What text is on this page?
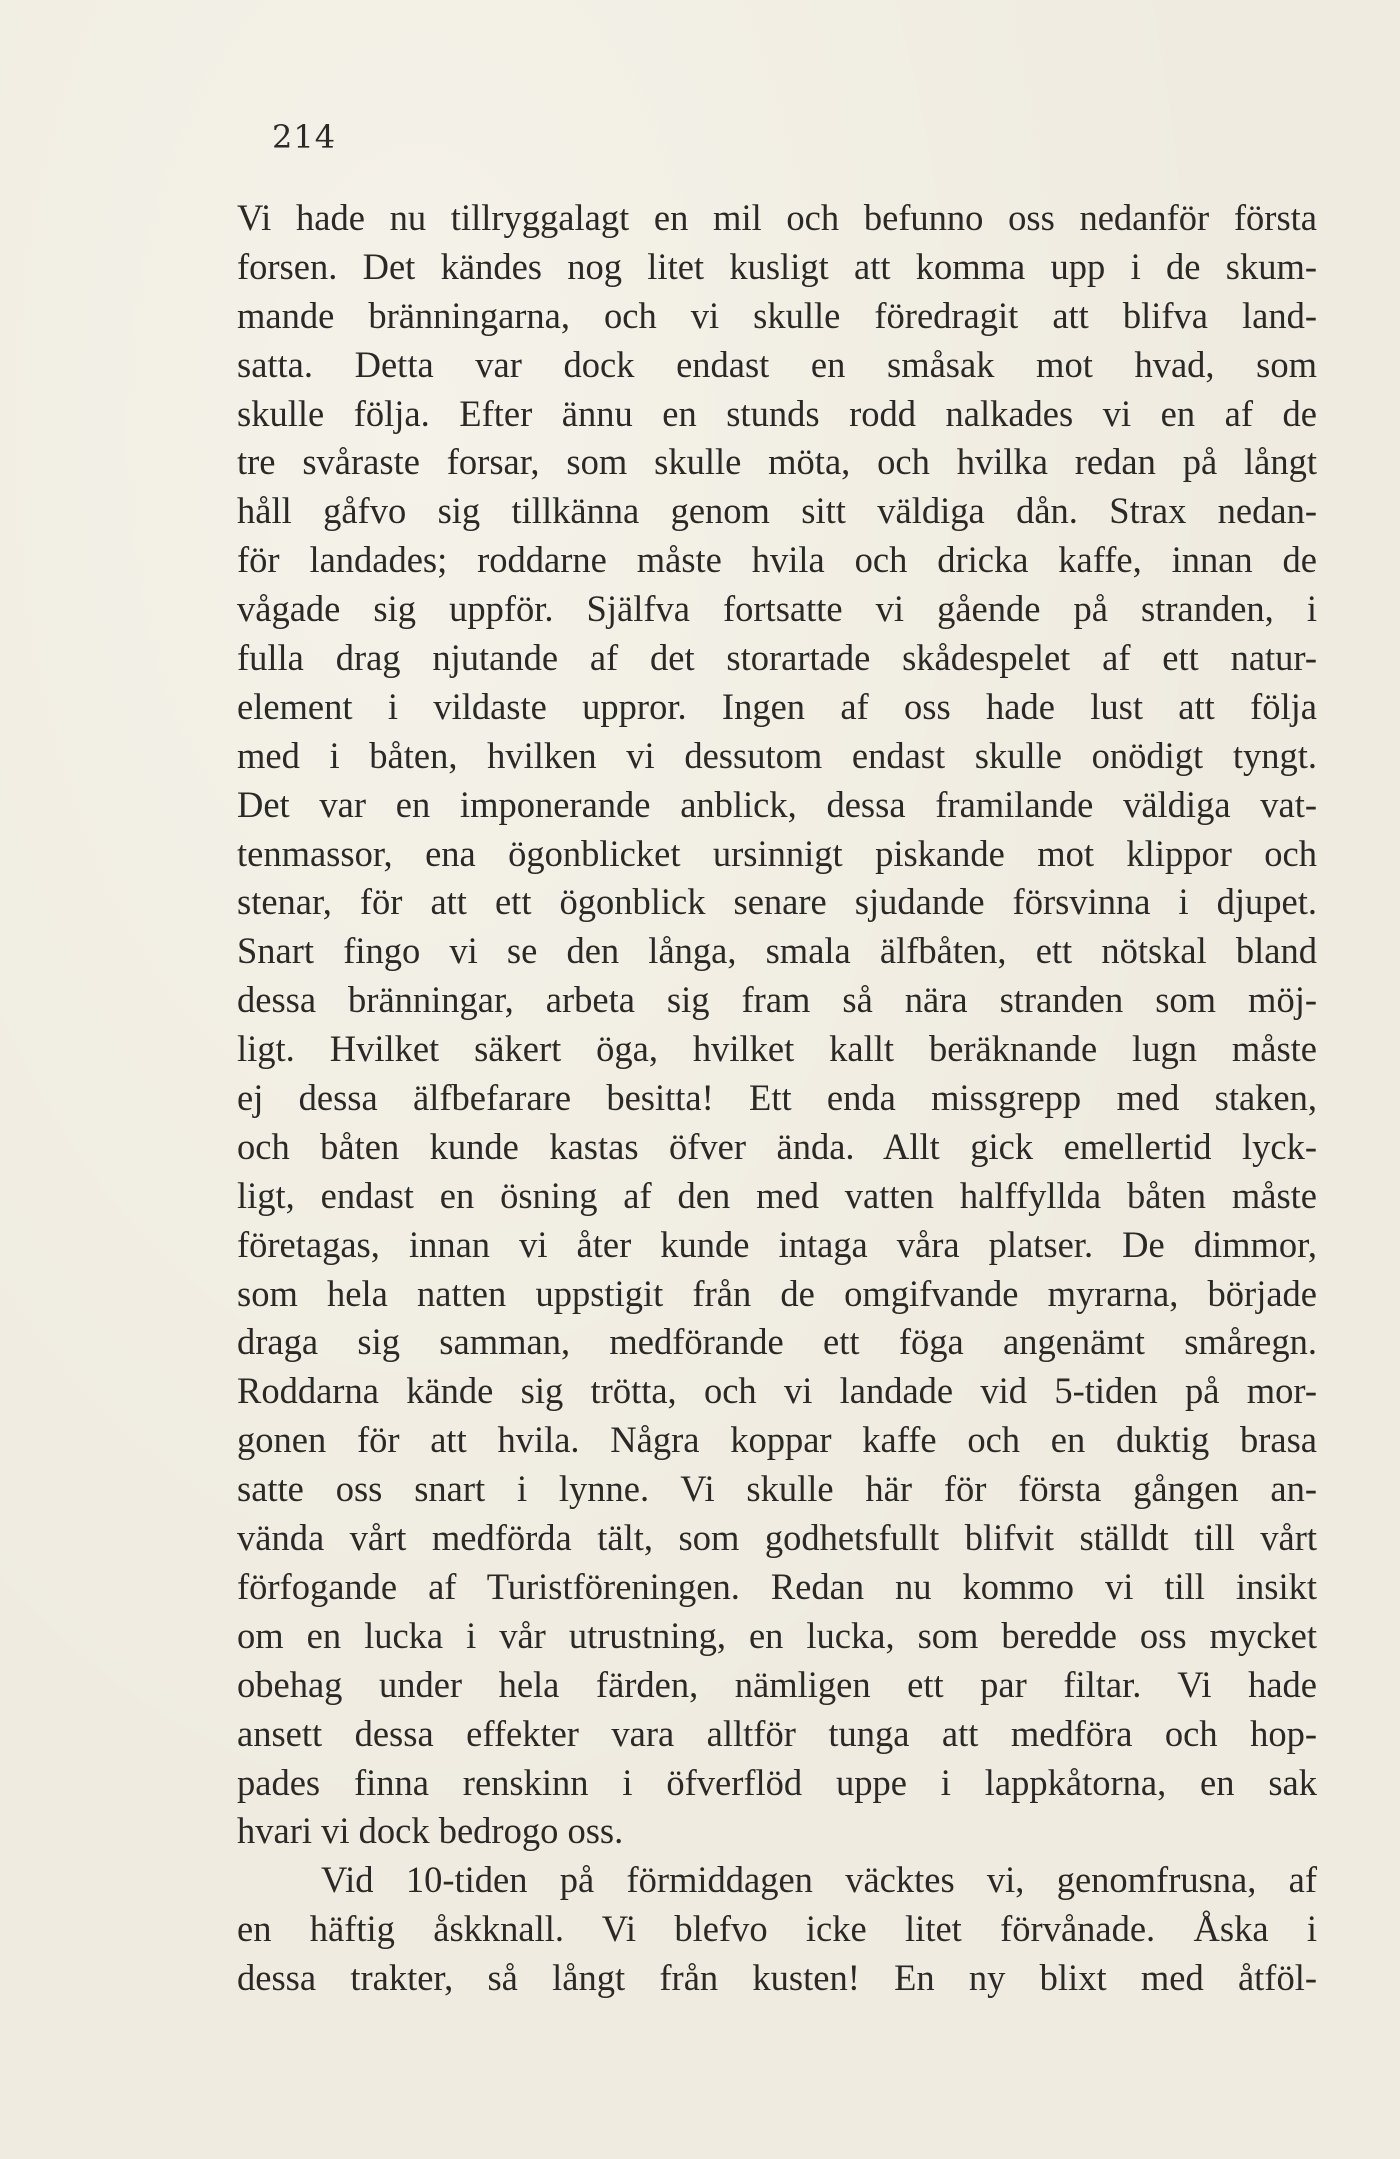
214
Vi hade nu tillryggalagt en mil och befunno oss nedanför första
forsen. Det kändes nog litet kusligt att komma upp i de skum-
mande bränningarna, och vi skulle föredragit att blifva land-
satta. Detta var dock endast en småsak mot hvad, som
skulle följa. Efter ännu en stunds rodd nalkades vi en af de
tre svåraste forsar, som skulle möta, och hvilka redan på långt
håll gåfvo sig tillkänna genom sitt väldiga dån. Strax nedan-
för landades; roddarne måste hvila och dricka kaffe, innan de
vågade sig uppför. Själfva fortsatte vi gående på stranden, i
fulla drag njutande af det storartade skådespelet af ett natur-
element i vildaste uppror. Ingen af oss hade lust att följa
med i båten, hvilken vi dessutom endast skulle onödigt tyngt.
Det var en imponerande anblick, dessa framilande väldiga vat-
tenmassor, ena ögonblicket ursinnigt piskande mot klippor och
stenar, för att ett ögonblick senare sjudande försvinna i djupet.
Snart fingo vi se den långa, smala älfbåten, ett nötskal bland
dessa bränningar, arbeta sig fram så nära stranden som möj-
ligt. Hvilket säkert öga, hvilket kallt beräknande lugn måste
ej dessa älfbefarare besitta! Ett enda missgrepp med staken,
och båten kunde kastas öfver ända. Allt gick emellertid lyck-
ligt, endast en ösning af den med vatten halffyllda båten måste
företagas, innan vi åter kunde intaga våra platser. De dimmor,
som hela natten uppstigit från de omgifvande myrarna, började
draga sig samman, medförande ett föga angenämt småregn.
Roddarna kände sig trötta, och vi landade vid 5-tiden på mor-
gonen för att hvila. Några koppar kaffe och en duktig brasa
satte oss snart i lynne. Vi skulle här för första gången an-
vända vårt medförda tält, som godhetsfullt blifvit ställdt till vårt
förfogande af Turistföreningen. Redan nu kommo vi till insikt
om en lucka i vår utrustning, en lucka, som beredde oss mycket
obehag under hela färden, nämligen ett par filtar. Vi hade
ansett dessa effekter vara alltför tunga att medföra och hop-
pades finna renskinn i öfverflöd uppe i lappkåtorna, en sak
hvari vi dock bedrogo oss.
Vid 10-tiden på förmiddagen väcktes vi, genomfrusna, af
en häftig åskknall. Vi blefvo icke litet förvånade. Åska i
dessa trakter, så långt från kusten! En ny blixt med åtföl-
